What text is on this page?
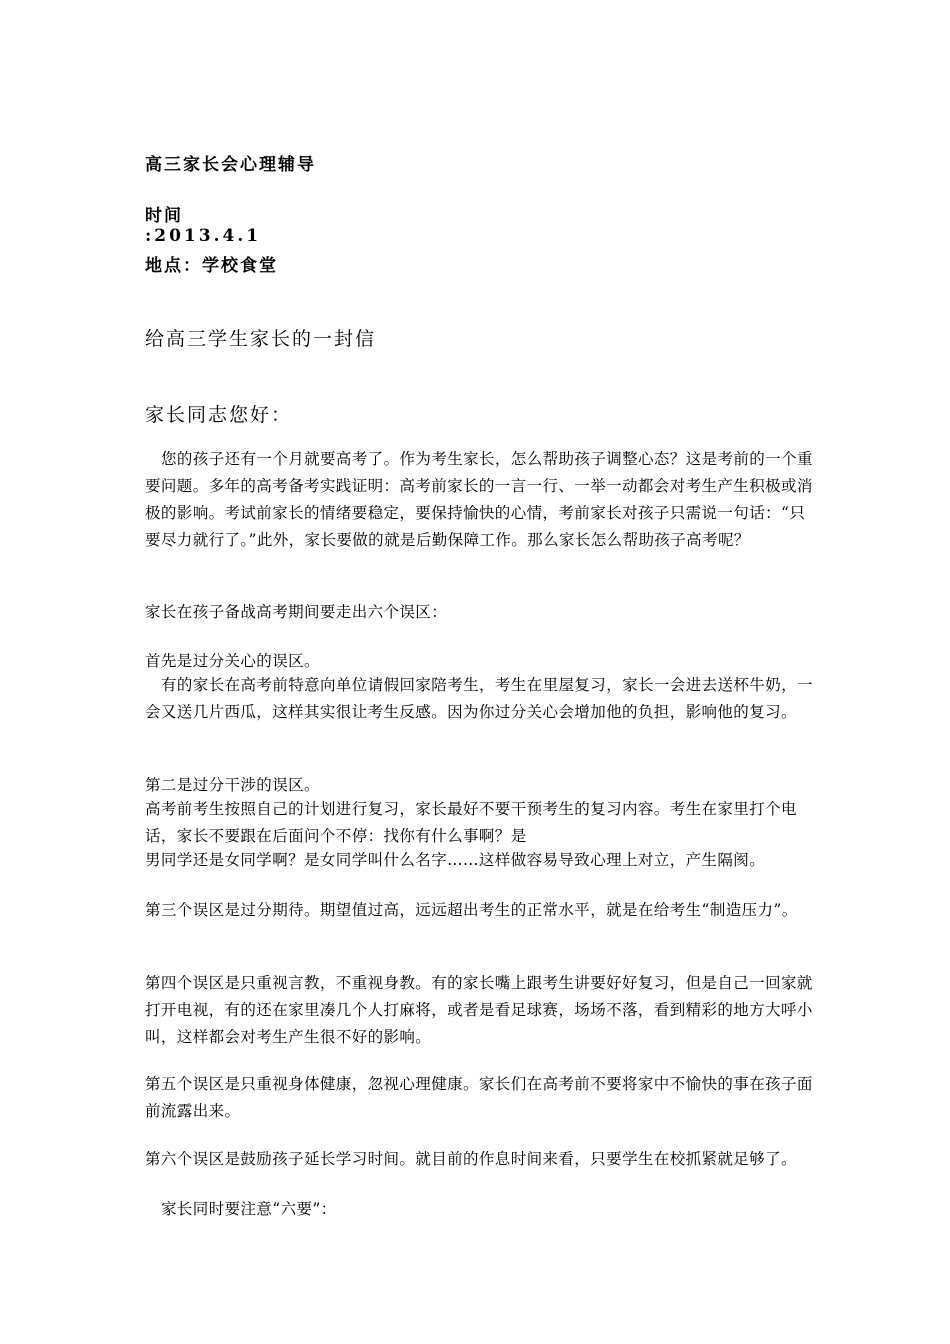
高三家长会心理辅导

时间

:2013.4.1

地点：学校食堂

给高三学生家长的一封信

家长同志您好：

您的孩子还有一个月就要高考了。作为考生家长，怎么帮助孩子调整心态？这是考前的一个重要问题。多年的高考备考实践证明：高考前家长的一言一行、一举一动都会对考生产生积极或消极的影响。考试前家长的情绪要稳定，要保持愉快的心情，考前家长对孩子只需说一句话：“只要尽力就行了。”此外，家长要做的就是后勤保障工作。那么家长怎么帮助孩子高考呢？

家长在孩子备战高考期间要走出六个误区：

首先是过分关心的误区。

有的家长在高考前特意向单位请假回家陪考生，考生在里屋复习，家长一会进去送杯牛奶，一会又送几片西瓜，这样其实很让考生反感。因为你过分关心会增加他的负担，影响他的复习。

第二是过分干涉的误区。

高考前考生按照自己的计划进行复习，家长最好不要干预考生的复习内容。考生在家里打个电话，家长不要跟在后面问个不停：找你有什么事啊？是

男同学还是女同学啊？是女同学叫什么名字……这样做容易导致心理上对立，产生隔阂。

第三个误区是过分期待。期望值过高，远远超出考生的正常水平，就是在给考生“制造压力”。

第四个误区是只重视言教，不重视身教。有的家长嘴上跟考生讲要好好复习，但是自己一回家就打开电视，有的还在家里凑几个人打麻将，或者是看足球赛，场场不落，看到精彩的地方大呼小叫，这样都会对考生产生很不好的影响。

第五个误区是只重视身体健康，忽视心理健康。家长们在高考前不要将家中不愉快的事在孩子面前流露出来。

第六个误区是鼓励孩子延长学习时间。就目前的作息时间来看，只要学生在校抓紧就足够了。

家长同时要注意“六要”：
